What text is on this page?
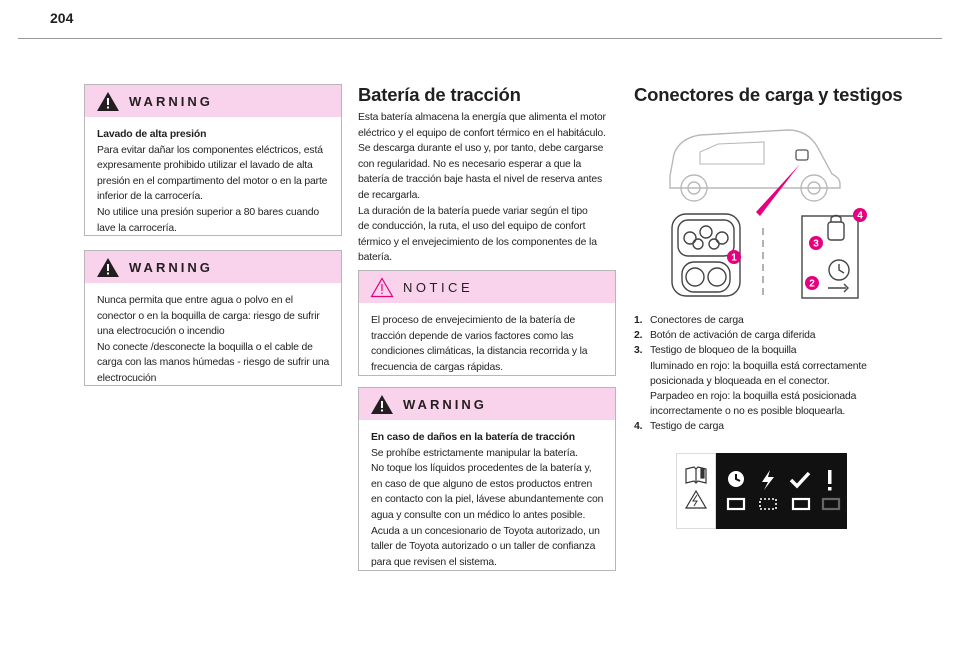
204
WARNING
Lavado de alta presión
Para evitar dañar los componentes eléctricos, está
expresamente prohibido utilizar el lavado de alta
presión en el compartimento del motor o en la parte
inferior de la carrocería.
No utilice una presión superior a 80 bares cuando
lave la carrocería.
WARNING
Nunca permita que entre agua o polvo en el
conector o en la boquilla de carga: riesgo de sufrir
una electrocución o incendio
No conecte /desconecte la boquilla o el cable de
carga con las manos húmedas - riesgo de sufrir una
electrocución
Batería de tracción
Esta batería almacena la energía que alimenta el motor
eléctrico y el equipo de confort térmico en el habitáculo.
Se descarga durante el uso y, por tanto, debe cargarse
con regularidad. No es necesario esperar a que la
batería de tracción baje hasta el nivel de reserva antes
de recargarla.
La duración de la batería puede variar según el tipo
de conducción, la ruta, el uso del equipo de confort
térmico y el envejecimiento de los componentes de la
batería.
NOTICE
El proceso de envejecimiento de la batería de
tracción depende de varios factores como las
condiciones climáticas, la distancia recorrida y la
frecuencia de cargas rápidas.
WARNING
En caso de daños en la batería de tracción
Se prohíbe estrictamente manipular la batería.
No toque los líquidos procedentes de la batería y,
en caso de que alguno de estos productos entren
en contacto con la piel, lávese abundantemente con
agua y consulte con un médico lo antes posible.
Acuda a un concesionario de Toyota autorizado, un
taller de Toyota autorizado o un taller de confianza
para que revisen el sistema.
Conectores de carga y testigos
1
2
3
4
1. Conectores de carga
2. Botón de activación de carga diferida
3. Testigo de bloqueo de la boquilla
Iluminado en rojo: la boquilla está correctamente
posicionada y bloqueada en el conector.
Parpadeo en rojo: la boquilla está posicionada
incorrectamente o no es posible bloquearla.
4. Testigo de carga
